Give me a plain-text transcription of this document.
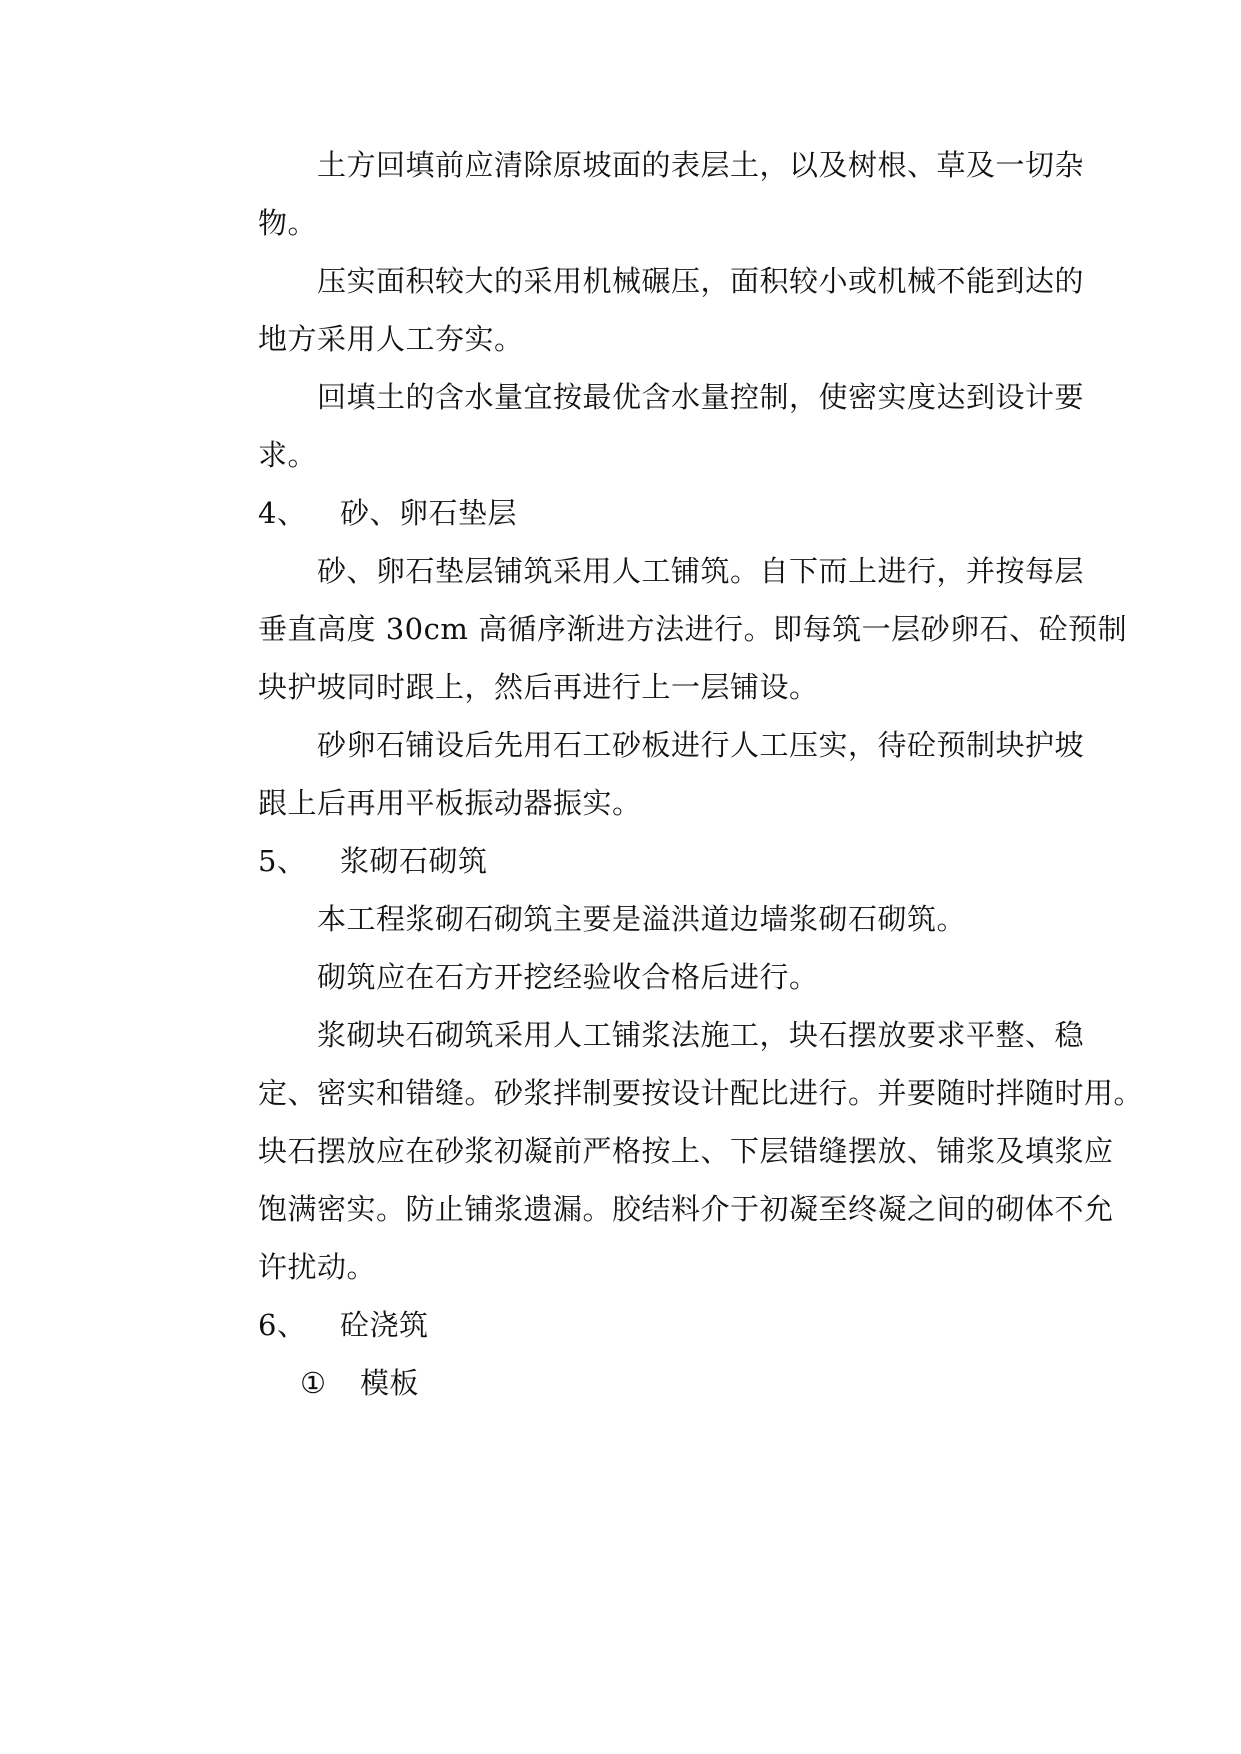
土方回填前应清除原坡面的表层土，以及树根、草及一切杂
物。
压实面积较大的采用机械碾压，面积较小或机械不能到达的
地方采用人工夯实。
回填土的含水量宜按最优含水量控制，使密实度达到设计要
求。
4、 砂、卵石垫层
砂、卵石垫层铺筑采用人工铺筑。自下而上进行，并按每层
垂直高度 30cm 高循序渐进方法进行。即每筑一层砂卵石、砼预制
块护坡同时跟上，然后再进行上一层铺设。
砂卵石铺设后先用石工砂板进行人工压实，待砼预制块护坡
跟上后再用平板振动器振实。
5、 浆砌石砌筑
本工程浆砌石砌筑主要是溢洪道边墙浆砌石砌筑。
砌筑应在石方开挖经验收合格后进行。
浆砌块石砌筑采用人工铺浆法施工，块石摆放要求平整、稳
定、密实和错缝。砂浆拌制要按设计配比进行。并要随时拌随时用。
块石摆放应在砂浆初凝前严格按上、下层错缝摆放、铺浆及填浆应
饱满密实。防止铺浆遗漏。胶结料介于初凝至终凝之间的砌体不允
许扰动。
6、 砼浇筑
① 模板
